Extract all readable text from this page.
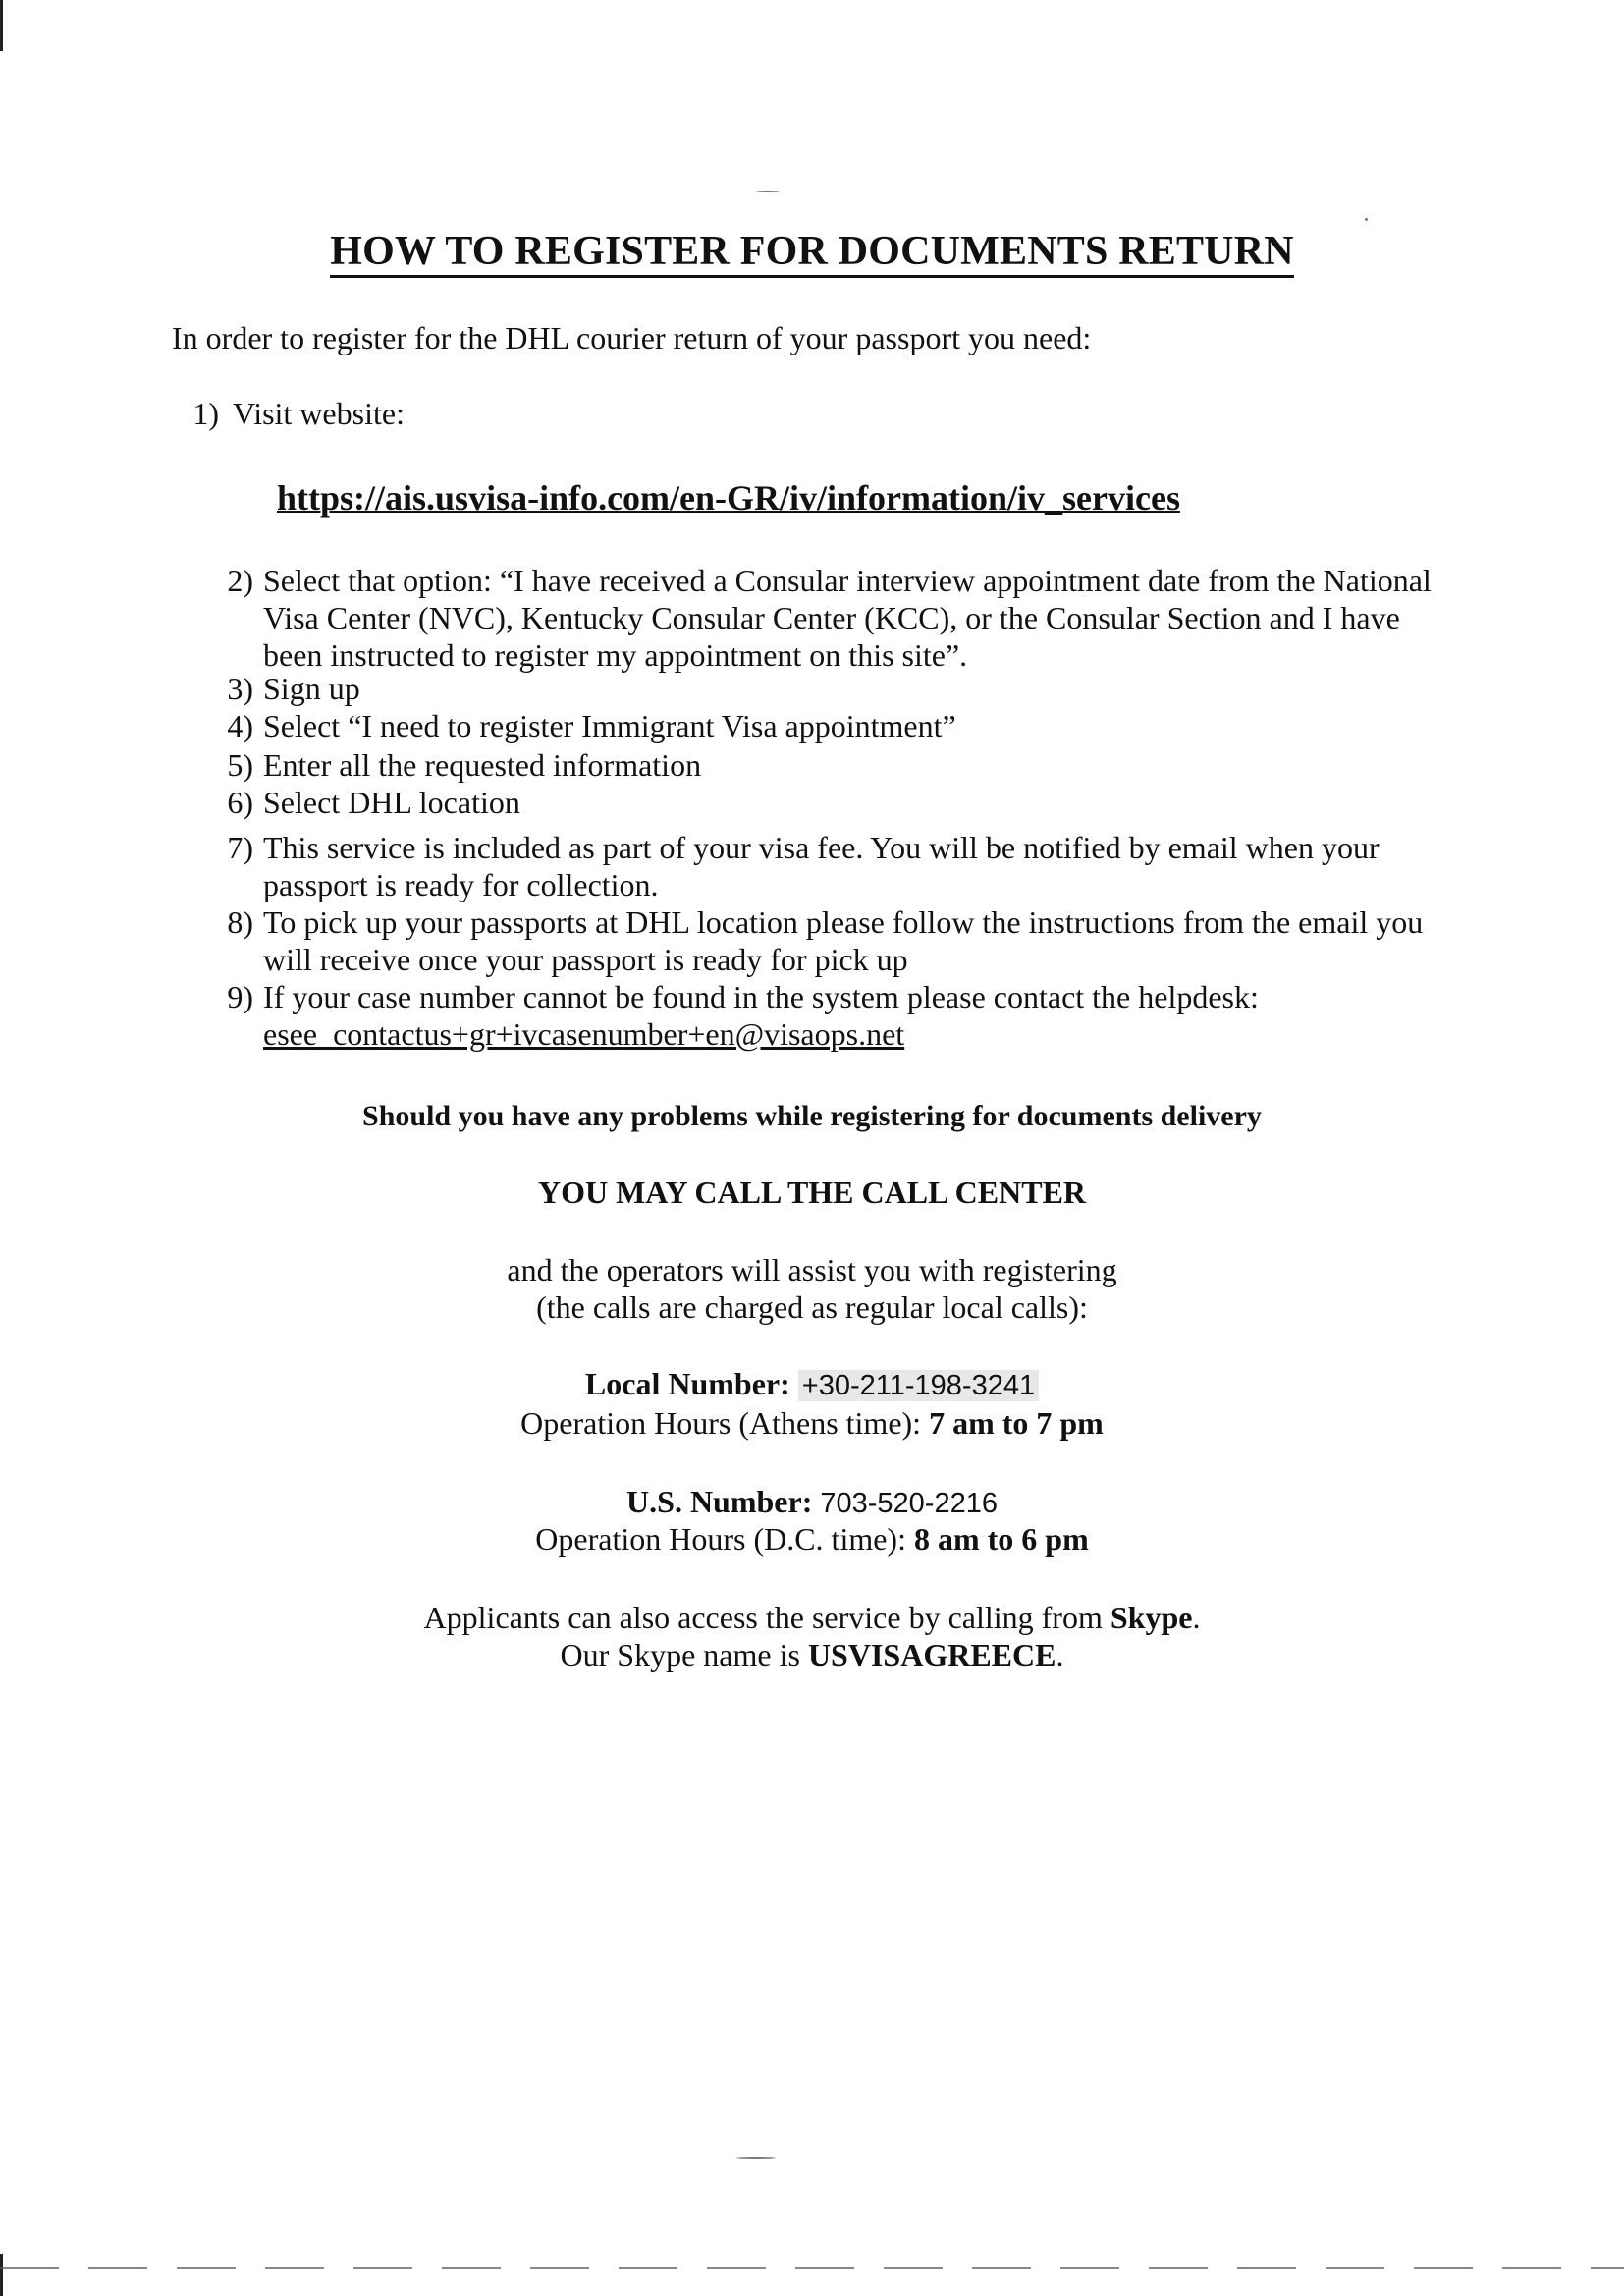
HOW TO REGISTER FOR DOCUMENTS RETURN
In order to register for the DHL courier return of your passport you need:
1) Visit website:
https://ais.usvisa-info.com/en-GR/iv/information/iv_services
2) Select that option: “I have received a Consular interview appointment date from the National Visa Center (NVC), Kentucky Consular Center (KCC), or the Consular Section and I have been instructed to register my appointment on this site”.
3) Sign up
4) Select “I need to register Immigrant Visa appointment”
5) Enter all the requested information
6) Select DHL location
7) This service is included as part of your visa fee. You will be notified by email when your passport is ready for collection.
8) To pick up your passports at DHL location please follow the instructions from the email you will receive once your passport is ready for pick up
9) If your case number cannot be found in the system please contact the helpdesk:
esee_contactus+gr+ivcasenumber+en@visaops.net
Should you have any problems while registering for documents delivery
YOU MAY CALL THE CALL CENTER
and the operators will assist you with registering
(the calls are charged as regular local calls):
Local Number: +30-211-198-3241
Operation Hours (Athens time): 7 am to 7 pm
U.S. Number: 703-520-2216
Operation Hours (D.C. time): 8 am to 6 pm
Applicants can also access the service by calling from Skype.
Our Skype name is USVISAGREECE.
